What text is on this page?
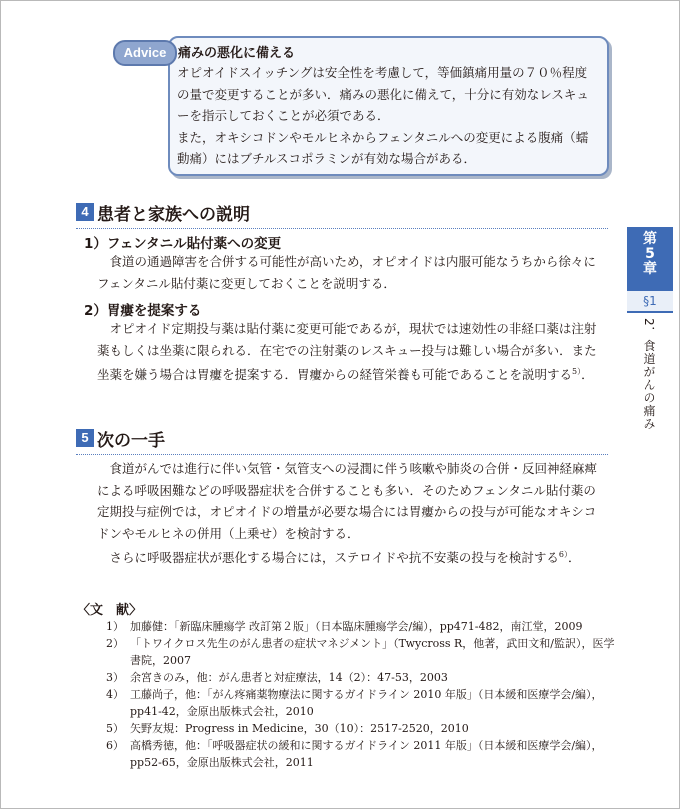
Advice 痛みの悪化に備える

オピオイドスイッチングは安全性を考慮して，等価鎮痛用量の７０％程度の量で変更することが多い．痛みの悪化に備えて，十分に有効なレスキューを指示しておくことが必須である．

また，オキシコドンやモルヒネからフェンタニルへの変更による腹痛（蠕動痛）にはブチルスコポラミンが有効な場合がある．

4 患者と家族への説明
1）フェンタニル貼付薬への変更

食道の通過障害を合併する可能性が高いため，オピオイドは内服可能なうちから徐々にフェンタニル貼付薬に変更しておくことを説明する．

2）胃瘻を提案する

オピオイド定期投与薬は貼付薬に変更可能であるが，現状では速効性の非経口薬は注射薬もしくは坐薬に限られる．在宅での注射薬のレスキュー投与は難しい場合が多い．また坐薬を嫌う場合は胃瘻を提案する．胃瘻からの経管栄養も可能であることを説明する$^{5)}$．

5 次の一手

食道がんでは進行に伴い気管・気管支への浸潤に伴う咳嗽や肺炎の合併・反回神経麻痺による呼吸困難などの呼吸器症状を合併することも多い．そのためフェンタニル貼付薬の定期投与症例では，オピオイドの増量が必要な場合には胃瘻からの投与が可能なオキシコドンやモルヒネの併用（上乗せ）を検討する．

さらに呼吸器症状が悪化する場合には，ステロイドや抗不安薬の投与を検討する$^{6)}$．

第
5
章
§1
2．食道がんの痛み
〈文　献〉
1） 加藤健：「新臨床腫瘍学 改訂第２版」（日本臨床腫瘍学会/編），pp471-482，南江堂，2009
2） 「トワイクロス先生のがん患者の症状マネジメント」（Twycross R，他著，武田文和/監訳），医学書院，2007
3） 余宮きのみ，他：がん患者と対症療法，14（2）：47-53，2003
4） 工藤尚子，他：「がん疼痛薬物療法に関するガイドライン 2010 年版」（日本緩和医療学会/編），pp41-42，金原出版株式会社，2010
5） 矢野友規：Progress in Medicine，30（10）：2517-2520，2010
6） 高橋秀徳，他：「呼吸器症状の緩和に関するガイドライン 2011 年版」（日本緩和医療学会/編），pp52-65，金原出版株式会社，2011
